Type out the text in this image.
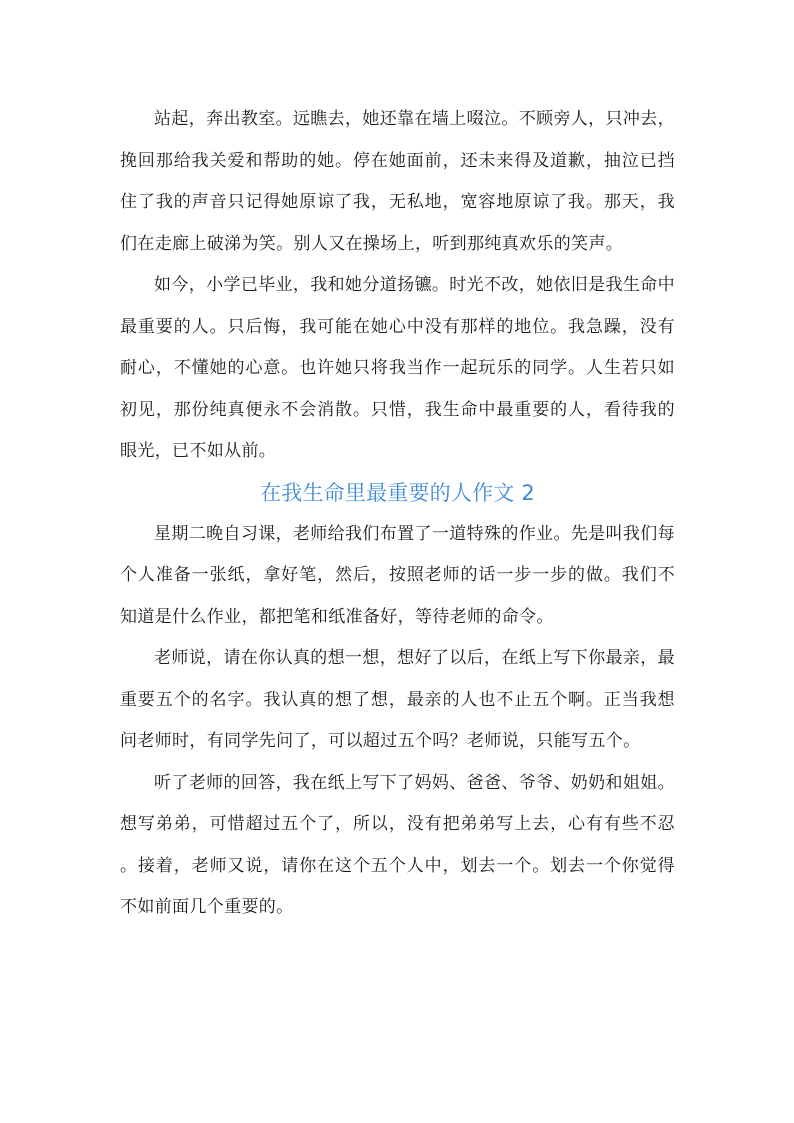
站起，奔出教室。远瞧去，她还靠在墙上啜泣。不顾旁人，只冲去，挽回那给我关爱和帮助的她。停在她面前，还未来得及道歉，抽泣已挡住了我的声音只记得她原谅了我，无私地，宽容地原谅了我。那天，我们在走廊上破涕为笑。别人又在操场上，听到那纯真欢乐的笑声。

如今，小学已毕业，我和她分道扬镳。时光不改，她依旧是我生命中最重要的人。只后悔，我可能在她心中没有那样的地位。我急躁，没有耐心，不懂她的心意。也许她只将我当作一起玩乐的同学。人生若只如初见，那份纯真便永不会消散。只惜，我生命中最重要的人，看待我的眼光，已不如从前。

在我生命里最重要的人作文 2

星期二晚自习课，老师给我们布置了一道特殊的作业。先是叫我们每个人准备一张纸，拿好笔，然后，按照老师的话一步一步的做。我们不知道是什么作业，都把笔和纸准备好，等待老师的命令。

老师说，请在你认真的想一想，想好了以后，在纸上写下你最亲，最重要五个的名字。我认真的想了想，最亲的人也不止五个啊。正当我想问老师时，有同学先问了，可以超过五个吗？老师说，只能写五个。

听了老师的回答，我在纸上写下了妈妈、爸爸、爷爷、奶奶和姐姐。想写弟弟，可惜超过五个了，所以，没有把弟弟写上去，心有有些不忍。接着，老师又说，请你在这个五个人中，划去一个。划去一个你觉得不如前面几个重要的。
